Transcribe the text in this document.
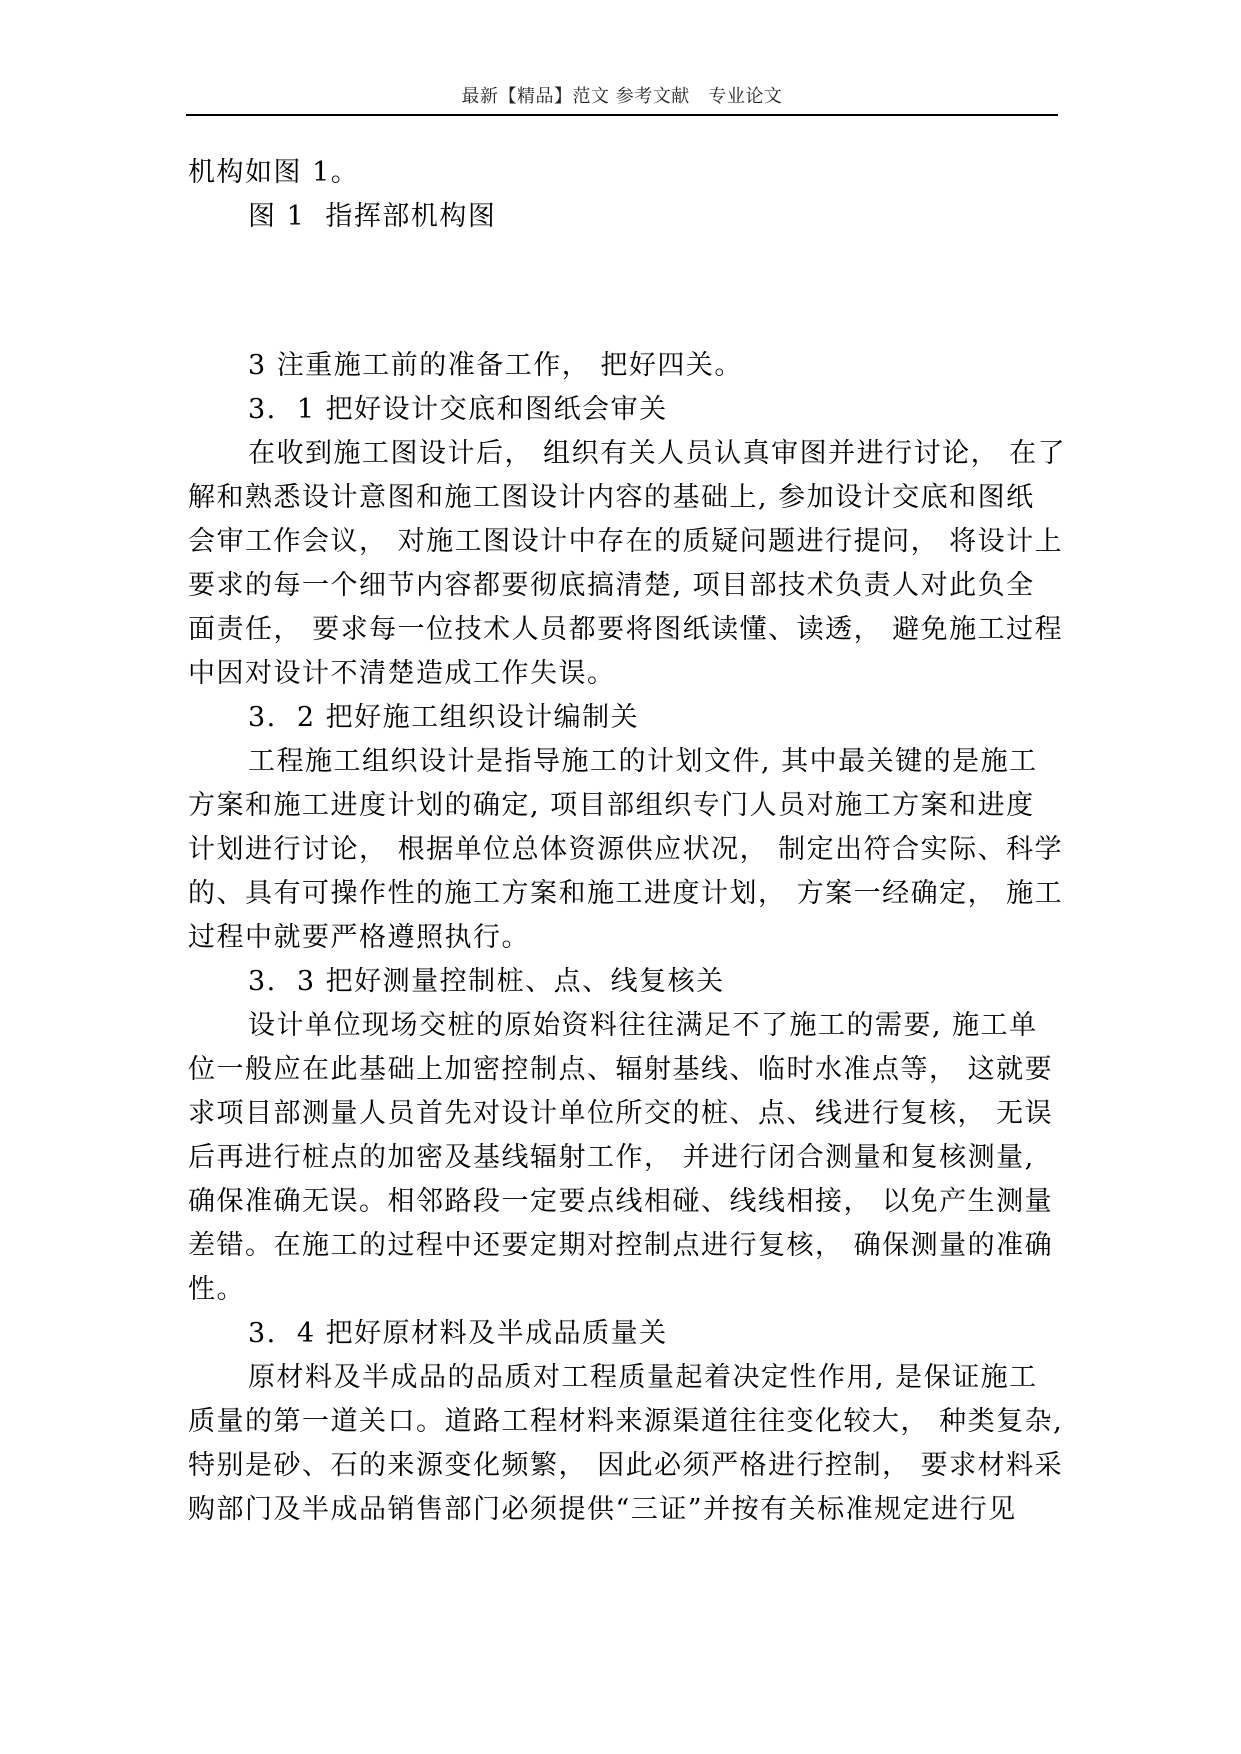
最新【精品】范文 参考文献   专业论文
机构如图 1。
图 1  指挥部机构图
3 注重施工前的准备工作， 把好四关。
3.  1 把好设计交底和图纸会审关
在收到施工图设计后， 组织有关人员认真审图并进行讨论， 在了
解和熟悉设计意图和施工图设计内容的基础上, 参加设计交底和图纸
会审工作会议， 对施工图设计中存在的质疑问题进行提问， 将设计上
要求的每一个细节内容都要彻底搞清楚, 项目部技术负责人对此负全
面责任， 要求每一位技术人员都要将图纸读懂、读透， 避免施工过程
中因对设计不清楚造成工作失误。
3.  2 把好施工组织设计编制关
工程施工组织设计是指导施工的计划文件, 其中最关键的是施工
方案和施工进度计划的确定, 项目部组织专门人员对施工方案和进度
计划进行讨论， 根据单位总体资源供应状况， 制定出符合实际、科学
的、具有可操作性的施工方案和施工进度计划， 方案一经确定， 施工
过程中就要严格遵照执行。
3.  3 把好测量控制桩、点、线复核关
设计单位现场交桩的原始资料往往满足不了施工的需要, 施工单
位一般应在此基础上加密控制点、辐射基线、临时水准点等， 这就要
求项目部测量人员首先对设计单位所交的桩、点、线进行复核， 无误
后再进行桩点的加密及基线辐射工作， 并进行闭合测量和复核测量,
确保准确无误。相邻路段一定要点线相碰、线线相接， 以免产生测量
差错。在施工的过程中还要定期对控制点进行复核， 确保测量的准确
性。
3.  4 把好原材料及半成品质量关
原材料及半成品的品质对工程质量起着决定性作用, 是保证施工
质量的第一道关口。道路工程材料来源渠道往往变化较大， 种类复杂,
特别是砂、石的来源变化频繁， 因此必须严格进行控制， 要求材料采
购部门及半成品销售部门必须提供“三证”并按有关标准规定进行见
